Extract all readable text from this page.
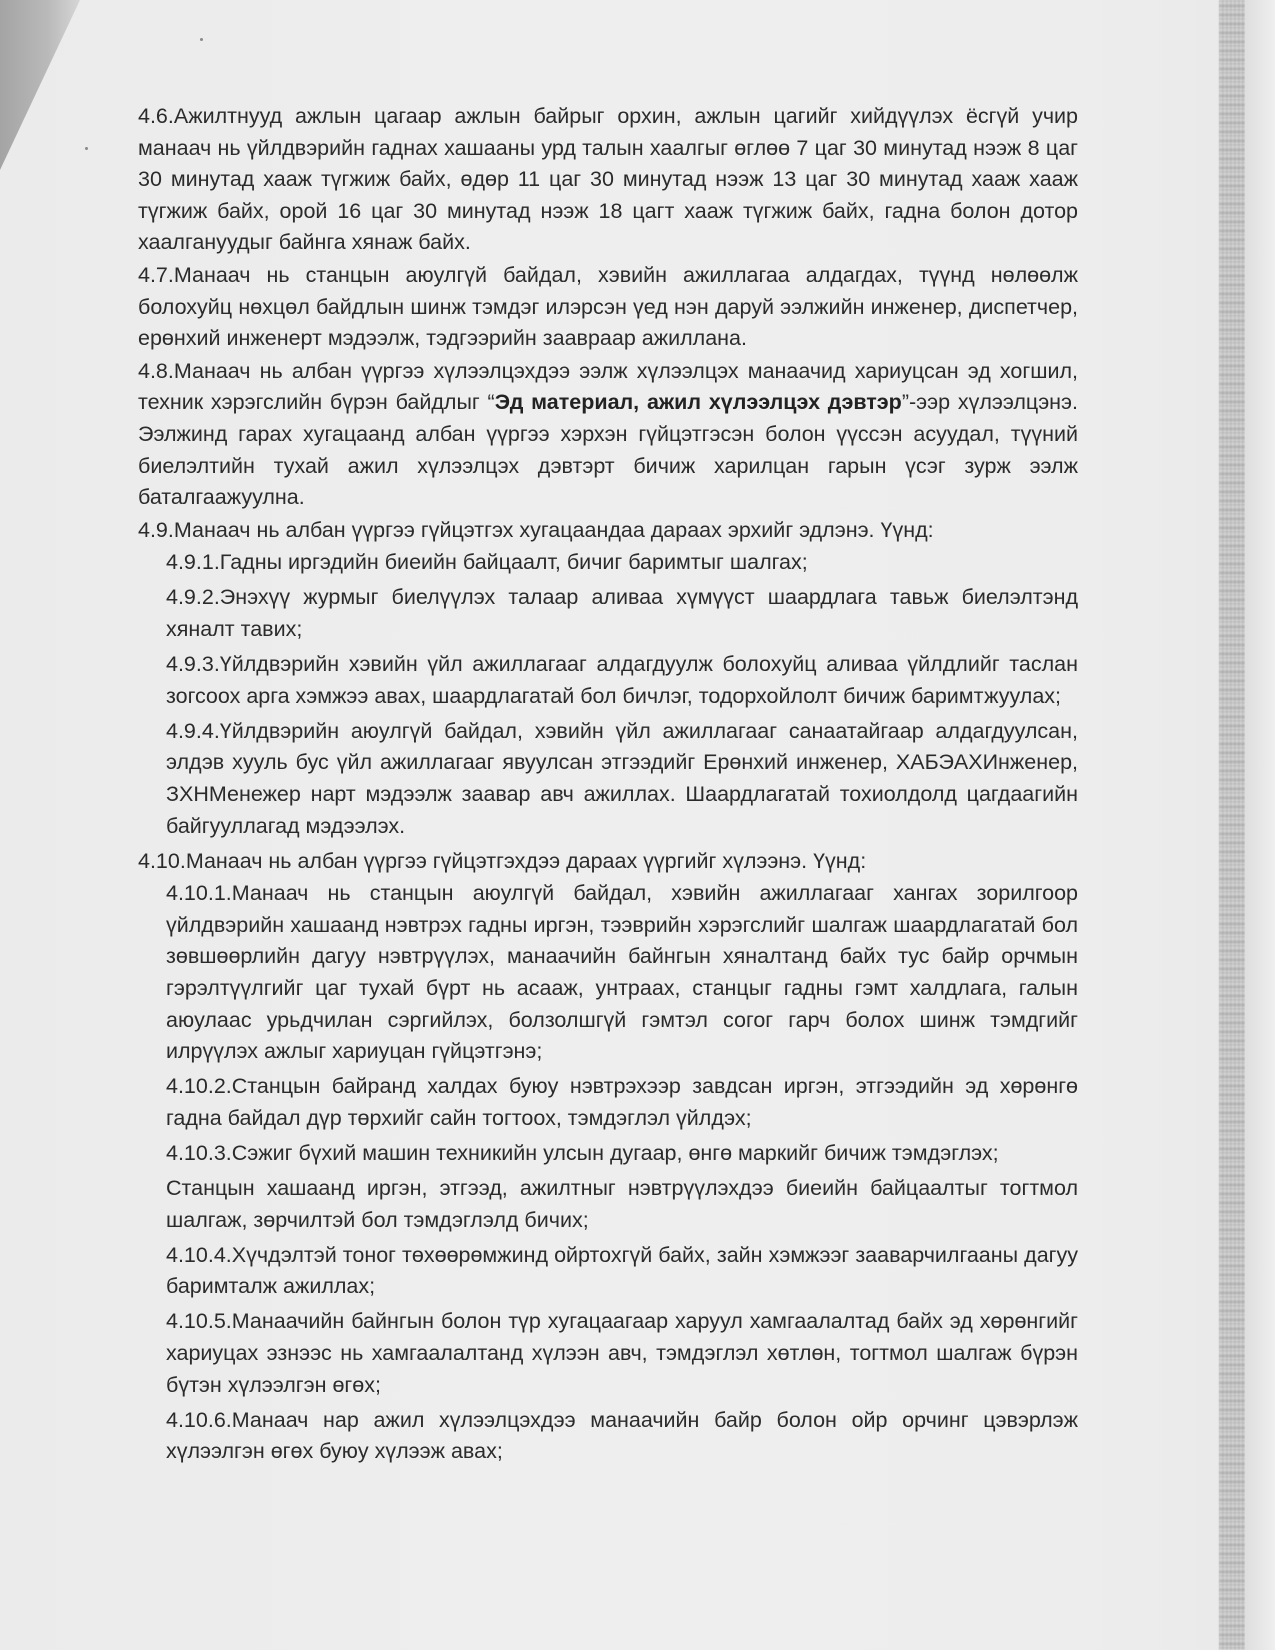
4.6.Ажилтнууд ажлын цагаар ажлын байрыг орхин, ажлын цагийг хийдүүлэх ёсгүй учир манаач нь үйлдвэрийн гаднах хашааны урд талын хаалгыг өглөө 7 цаг 30 минутад нээж 8 цаг 30 минутад хааж түгжиж байх, өдөр 11 цаг 30 минутад нээж 13 цаг 30 минутад хааж хааж түгжиж байх, орой 16 цаг 30 минутад нээж 18 цагт хааж түгжиж байх, гадна болон дотор хаалгануудыг байнга хянаж байх.

4.7.Манаач нь станцын аюулгүй байдал, хэвийн ажиллагаа алдагдах, түүнд нөлөөлж болохуйц нөхцөл байдлын шинж тэмдэг илэрсэн үед нэн даруй ээлжийн инженер, диспетчер, ерөнхий инженерт мэдээлж, тэдгээрийн зааврaар ажиллана.

4.8.Манаач нь албан үүргээ хүлээлцэхдээ ээлж хүлээлцэх манаачид хариуцсан эд хогшил, техник хэрэгслийн бүрэн байдлыг “Эд материал, ажил хүлээлцэх дэвтэр”-ээр хүлээлцэнэ. Ээлжинд гарах хугацаанд албан үүргээ хэрхэн гүйцэтгэсэн болон үүссэн асуудал, түүний биелэлтийн тухай ажил хүлээлцэх дэвтэрт бичиж харилцан гарын үсэг зурж ээлж баталгаажуулна.

4.9.Манаач нь албан үүргээ гүйцэтгэх хугацаандаа дараах эрхийг эдлэнэ. Үүнд:

4.9.1.Гадны иргэдийн биеийн байцаалт, бичиг баримтыг шалгах;

4.9.2.Энэхүү журмыг биелүүлэх талаар аливаа хүмүүст шаардлага тавьж биелэлтэнд хяналт тавих;

4.9.3.Үйлдвэрийн хэвийн үйл ажиллагааг алдагдуулж болохуйц аливаа үйлдлийг таслан зогсоох арга хэмжээ авах, шаардлагатай бол бичлэг, тодорхойлолт бичиж баримтжуулах;

4.9.4.Үйлдвэрийн аюулгүй байдал, хэвийн үйл ажиллагааг санаатайгаар алдагдуулсан, элдэв хууль бус үйл ажиллагааг явуулсан этгээдийг Ерөнхий инженер, ХАБЭАХИнженер, ЗХНМенежер нарт мэдээлж заавар авч ажиллах. Шаардлагатай тохиолдолд цагдаагийн байгууллагад мэдээлэх.

4.10.Манаач нь албан үүргээ гүйцэтгэхдээ дараах үүргийг хүлээнэ. Үүнд:

4.10.1.Манаач нь станцын аюулгүй байдал, хэвийн ажиллагааг хангах зорилгоор үйлдвэрийн хашаанд нэвтрэх гадны иргэн, тээврийн хэрэгслийг шалгаж шаардлагатай бол зөвшөөрлийн дагуу нэвтрүүлэх, манаачийн байнгын хяналтанд байх тус байр орчмын гэрэлтүүлгийг цаг тухай бүрт нь асааж, унтраах, станцыг гадны гэмт халдлага, галын аюулаас урьдчилан сэргийлэх, болзолшгүй гэмтэл согог гарч болох шинж тэмдгийг илрүүлэх ажлыг хариуцан гүйцэтгэнэ;

4.10.2.Станцын байранд халдах буюу нэвтрэхээр завдсан иргэн, этгээдийн эд хөрөнгө гадна байдал дүр төрхийг сайн тогтоох, тэмдэглэл үйлдэх;

4.10.3.Сэжиг бүхий машин техникийн улсын дугаар, өнгө маркийг бичиж тэмдэглэх;

Станцын хашаанд иргэн, этгээд, ажилтныг нэвтрүүлэхдээ биеийн байцаалтыг тогтмол шалгаж, зөрчилтэй бол тэмдэглэлд бичих;

4.10.4.Хүчдэлтэй тоног төхөөрөмжинд ойртохгүй байх, зайн хэмжээг зааварчилгааны дагуу баримталж ажиллах;

4.10.5.Манаачийн байнгын болон түр хугацаагаар харуул хамгаалалтад байх эд хөрөнгийг хариуцах эзнээс нь хамгаалалтанд хүлээн авч, тэмдэглэл хөтлөн, тогтмол шалгаж бүрэн бүтэн хүлээлгэн өгөх;

4.10.6.Манаач нар ажил хүлээлцэхдээ манаачийн байр болон ойр орчинг цэвэрлэж хүлээлгэн өгөх буюу хүлээж авах;
